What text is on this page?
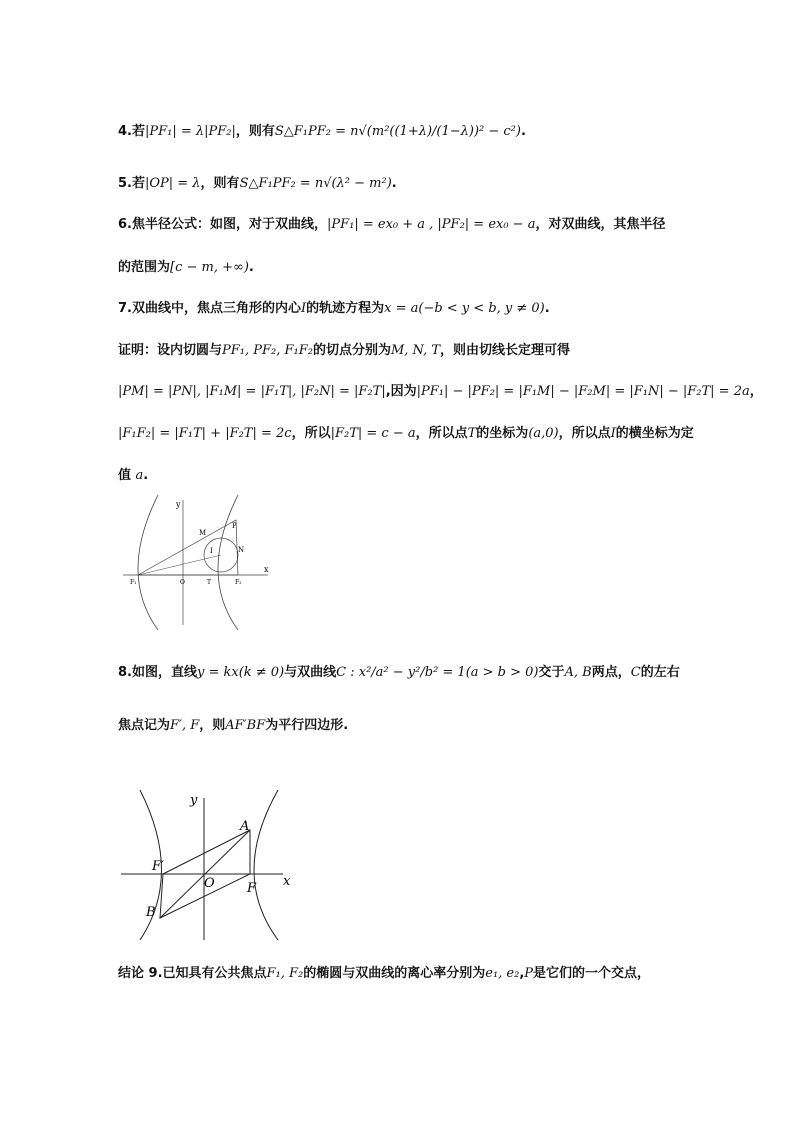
4.若|PF₁| = λ|PF₂|，则有S△F₁PF₂ = n√(m²((1+λ)/(1−λ))² − c²).
5.若|OP| = λ，则有S△F₁PF₂ = n√(λ² − m²).
6.焦半径公式：如图，对于双曲线，|PF₁| = ex₀ + a , |PF₂| = ex₀ − a，对双曲线，其焦半径
的范围为[c − m, +∞).
7.双曲线中，焦点三角形的内心I的轨迹方程为x = a(−b < y < b, y ≠ 0).
证明：设内切圆与PF₁, PF₂, F₁F₂的切点分别为M, N, T，则由切线长定理可得
|PM| = |PN|, |F₁M| = |F₁T|, |F₂N| = |F₂T|,因为|PF₁| − |PF₂| = |F₁M| − |F₂M| = |F₁N| − |F₂T| = 2a，
|F₁F₂| = |F₁T| + |F₂T| = 2c，所以|F₂T| = c − a，所以点T的坐标为(a,0)，所以点I的横坐标为定
值 a.
y
x
P
M
N
I
F₁	O	T	F₂
8.如图，直线y = kx(k ≠ 0)与双曲线C : x²/a² − y²/b² = 1(a > b > 0)交于A, B两点，C的左右
焦点记为F′, F，则AF′BF为平行四边形.
y
x
A
B
F′
F
O
结论 9.已知具有公共焦点F₁, F₂的椭圆与双曲线的离心率分别为e₁, e₂,P是它们的一个交点，
